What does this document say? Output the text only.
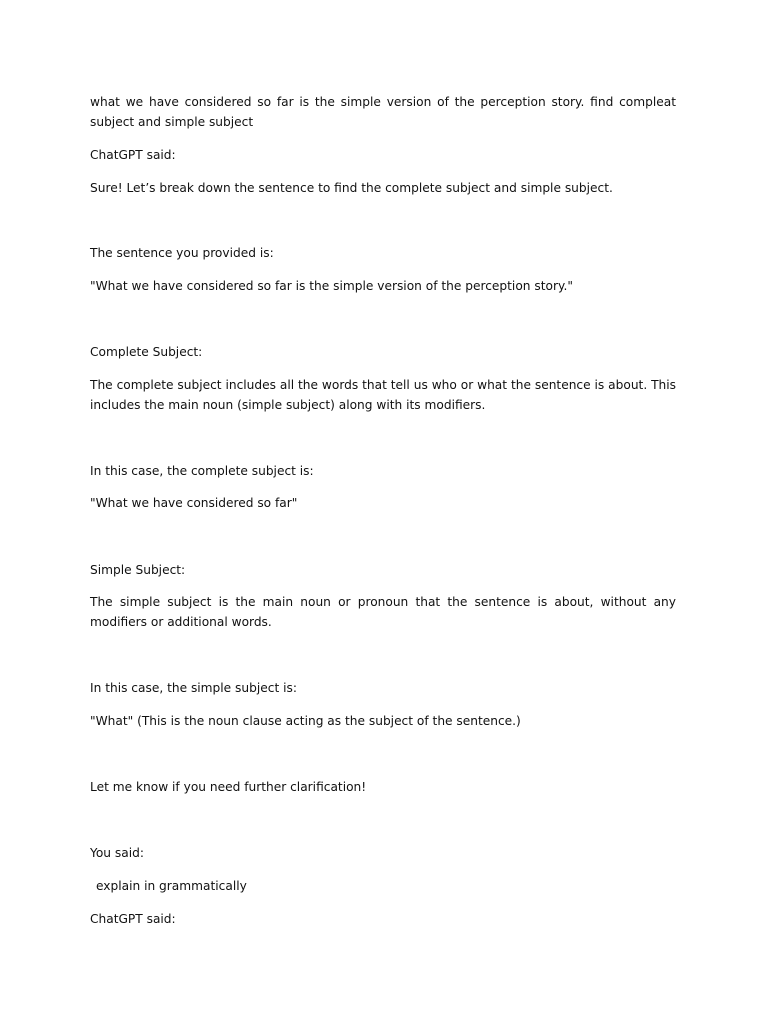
what we have considered so far is the simple version of the perception story. find compleat subject and simple subject

ChatGPT said:

Sure! Let’s break down the sentence to find the complete subject and simple subject.

The sentence you provided is:

"What we have considered so far is the simple version of the perception story."

Complete Subject:

The complete subject includes all the words that tell us who or what the sentence is about. This includes the main noun (simple subject) along with its modifiers.

In this case, the complete subject is:

"What we have considered so far"

Simple Subject:

The simple subject is the main noun or pronoun that the sentence is about, without any modifiers or additional words.

In this case, the simple subject is:

"What" (This is the noun clause acting as the subject of the sentence.)

Let me know if you need further clarification!

You said:

explain in grammatically

ChatGPT said:
